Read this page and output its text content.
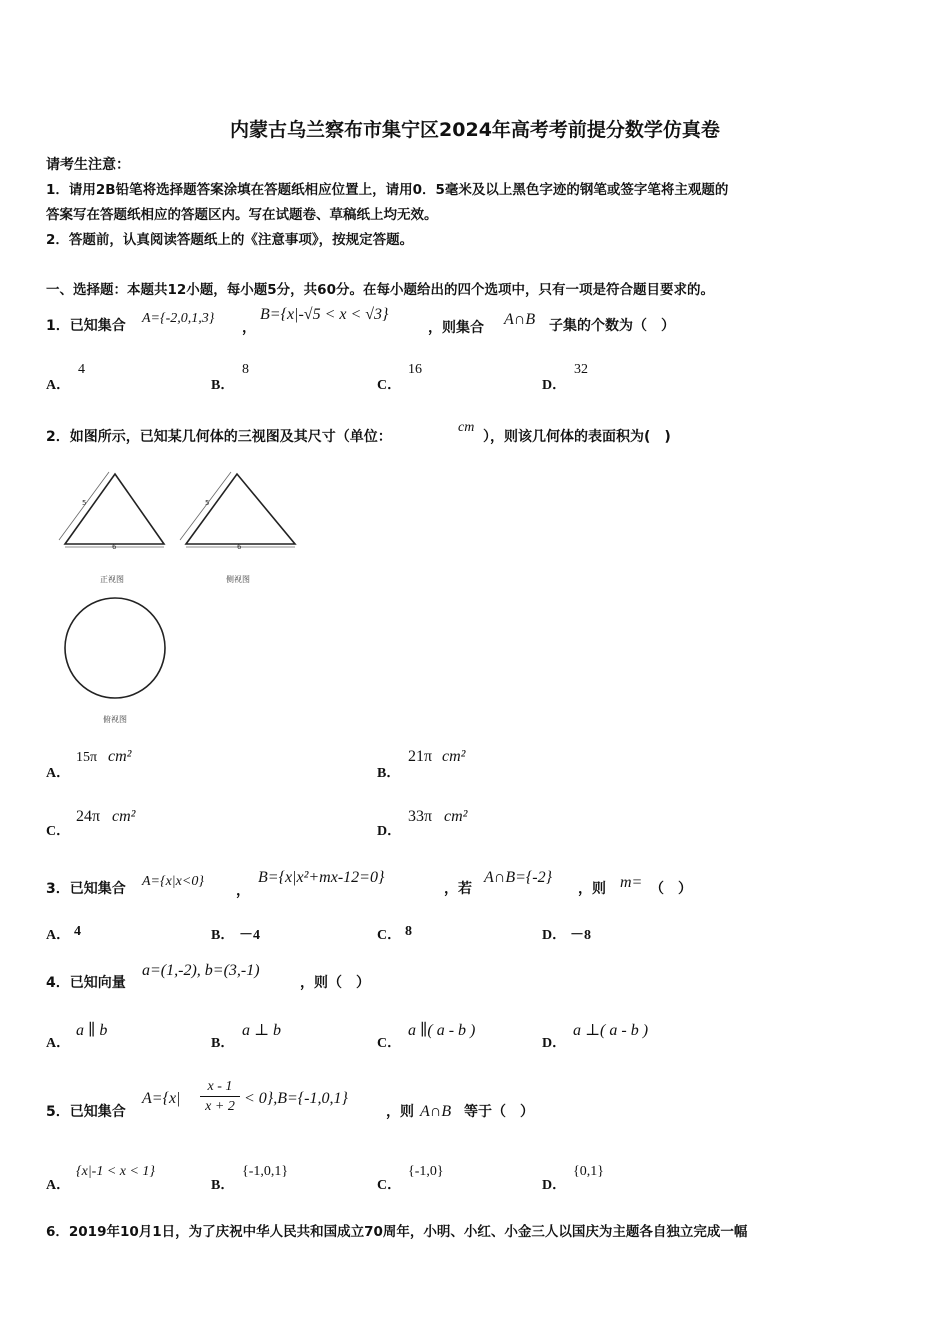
内蒙古乌兰察布市集宁区2024年高考考前提分数学仿真卷
请考生注意：
1．请用2B铅笔将选择题答案涂填在答题纸相应位置上，请用0．5毫米及以上黑色字迹的钢笔或签字笔将主观题的
答案写在答题纸相应的答题区内。写在试题卷、草稿纸上均无效。
2．答题前，认真阅读答题纸上的《注意事项》，按规定答题。
一、选择题：本题共12小题，每小题5分，共60分。在每小题给出的四个选项中，只有一项是符合题目要求的。
1．已知集合 A={-2,0,1,3}
，
B={x|-√5 < x < √3}
，则集合 A∩B 子集的个数为（　）
A．
4
B．
8
C．
16
D．
32
2．如图所示，已知某几何体的三视图及其尺寸（单位：
cm
），则该几何体的表面积为(　)
5
6
5
6
正视图	侧视图
俯视图
A．
15π cm²
B．
21π cm²
C．
24π cm²
D．
33π cm²
3．已知集合 A={x|x<0}
，
B={x|x²+mx-12=0}
，若
A∩B={-2}
，则 m= （　）
A． 4	B． －4	C． 8	D． －8
4．已知向量
a=(1,-2), b=(3,-1)
，则（　）
A．
a ∥ b
B．
a ⊥ b
C．
a ∥( a - b )
D．
a ⊥( a - b )
5．已知集合
A={x|
x - 1
x + 2 < 0},B={-1,0,1}
，则 A∩B 等于（　）
A．
{x|-1 < x < 1}
B．
{-1,0,1}
C．
{-1,0}
D．
{0,1}
6．2019年10月1日，为了庆祝中华人民共和国成立70周年，小明、小红、小金三人以国庆为主题各自独立完成一幅
